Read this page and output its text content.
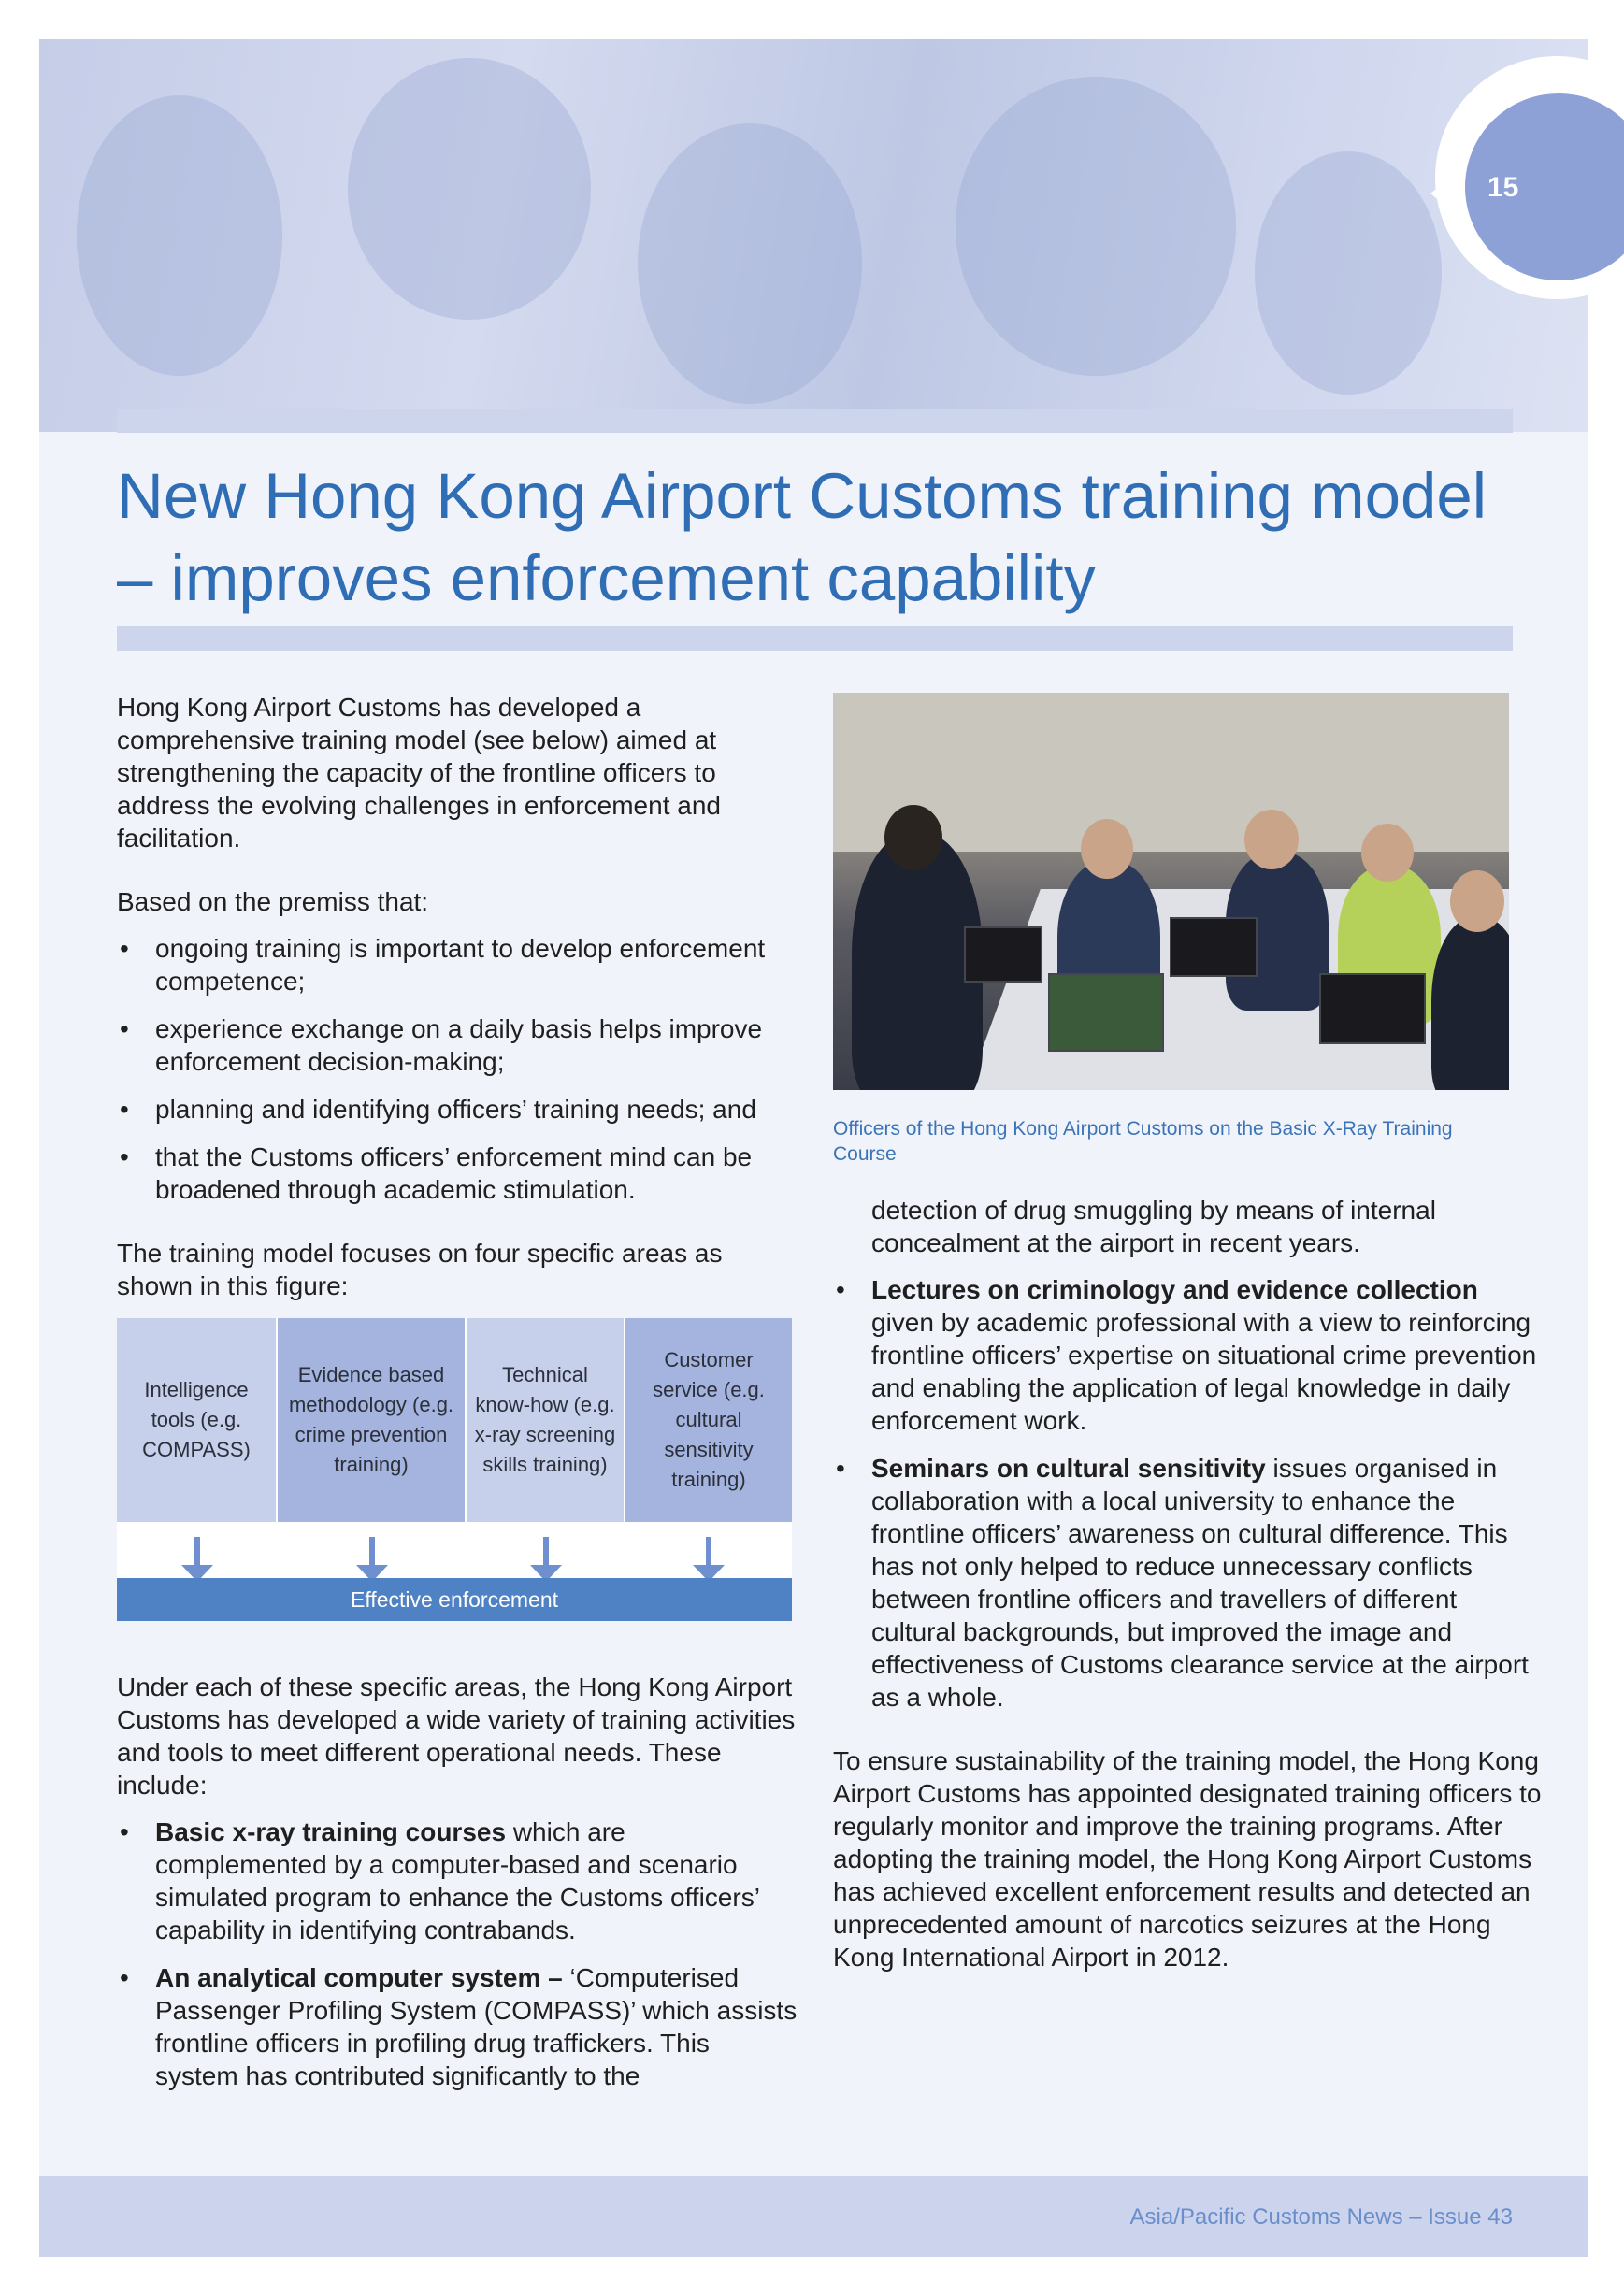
New Hong Kong Airport Customs training model – improves enforcement capability

Hong Kong Airport Customs has developed a comprehensive training model (see below) aimed at strengthening the capacity of the frontline officers to address the evolving challenges in enforcement and facilitation.

Based on the premiss that:

• ongoing training is important to develop enforcement competence;
• experience exchange on a daily basis helps improve enforcement decision-making;
• planning and identifying officers’ training needs; and
• that the Customs officers’ enforcement mind can be broadened through academic stimulation.

The training model focuses on four specific areas as shown in this figure:

Intelligence tools (e.g. COMPASS)
Evidence based methodology (e.g. crime prevention training)
Technical know-how (e.g. x-ray screening skills training)
Customer service (e.g. cultural sensitivity training)
Effective enforcement

Under each of these specific areas, the Hong Kong Airport Customs has developed a wide variety of training activities and tools to meet different operational needs. These include:

• Basic x-ray training courses which are complemented by a computer-based and scenario simulated program to enhance the Customs officers’ capability in identifying contrabands.
• An analytical computer system – ‘Computerised Passenger Profiling System (COMPASS)’ which assists frontline officers in profiling drug traffickers. This system has contributed significantly to the
Officers of the Hong Kong Airport Customs on the Basic X-Ray Training Course

detection of drug smuggling by means of internal concealment at the airport in recent years.

• Lectures on criminology and evidence collection given by academic professional with a view to reinforcing frontline officers’ expertise on situational crime prevention and enabling the application of legal knowledge in daily enforcement work.
• Seminars on cultural sensitivity issues organised in collaboration with a local university to enhance the frontline officers’ awareness on cultural difference. This has not only helped to reduce unnecessary conflicts between frontline officers and travellers of different cultural backgrounds, but improved the image and effectiveness of Customs clearance service at the airport as a whole.

To ensure sustainability of the training model, the Hong Kong Airport Customs has appointed designated training officers to regularly monitor and improve the training programs. After adopting the training model, the Hong Kong Airport Customs has achieved excellent enforcement results and detected an unprecedented amount of narcotics seizures at the Hong Kong International Airport in 2012.

Asia/Pacific Customs News – Issue 43
15
